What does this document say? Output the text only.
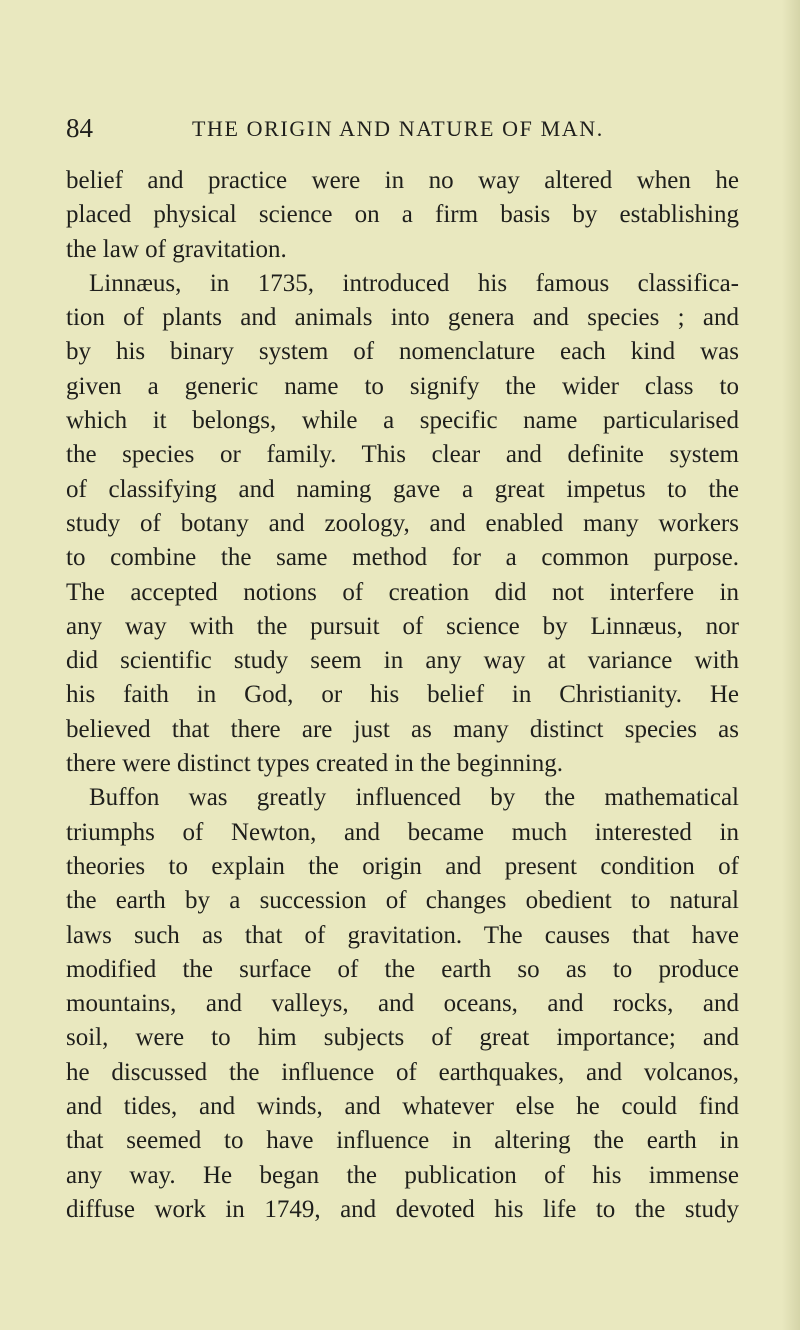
84	THE ORIGIN AND NATURE OF MAN.
belief and practice were in no way altered when he
placed physical science on a firm basis by establishing
the law of gravitation.
Linnæus, in 1735, introduced his famous classifica-
tion of plants and animals into genera and species ; and
by his binary system of nomenclature each kind was
given a generic name to signify the wider class to
which it belongs, while a specific name particularised
the species or family. This clear and definite system
of classifying and naming gave a great impetus to the
study of botany and zoology, and enabled many workers
to combine the same method for a common purpose.
The accepted notions of creation did not interfere in
any way with the pursuit of science by Linnæus, nor
did scientific study seem in any way at variance with
his faith in God, or his belief in Christianity. He
believed that there are just as many distinct species as
there were distinct types created in the beginning.
Buffon was greatly influenced by the mathematical
triumphs of Newton, and became much interested in
theories to explain the origin and present condition of
the earth by a succession of changes obedient to natural
laws such as that of gravitation. The causes that have
modified the surface of the earth so as to produce
mountains, and valleys, and oceans, and rocks, and
soil, were to him subjects of great importance; and
he discussed the influence of earthquakes, and volcanos,
and tides, and winds, and whatever else he could find
that seemed to have influence in altering the earth in
any way. He began the publication of his immense
diffuse work in 1749, and devoted his life to the study
